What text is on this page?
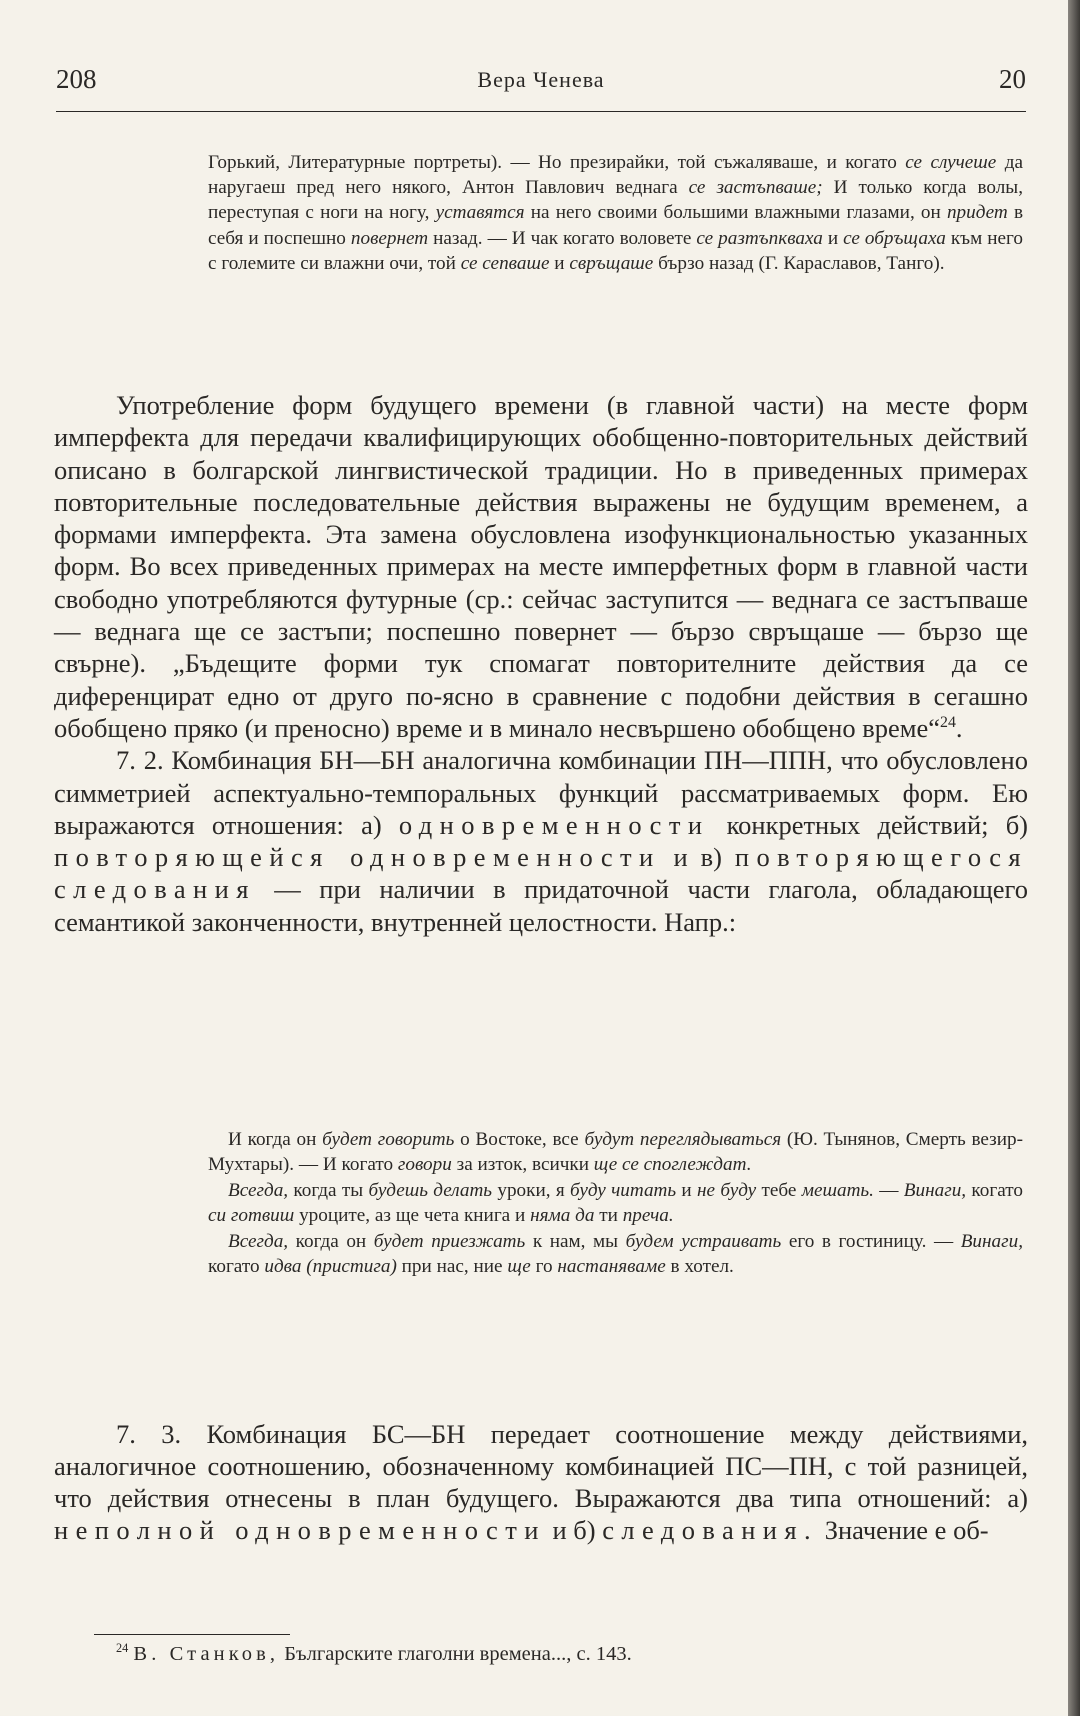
208	Вера Ченева	20

Горький, Литературные портреты). — Но презирайки, той съжаляваше, и когато се случеше да наругаеш пред него някого, Антон Павлович веднага се застъпваше; И только когда волы, переступая с ноги на ногу, уставятся на него своими большими влажными глазами, он придет в себя и поспешно повернет назад. — И чак когато воловете се разтъпкваха и се обръщаха към него с големите си влажни очи, той се сепваше и свръщаше бързо назад (Г. Караславов, Танго).

Употребление форм будущего времени (в главной части) на месте форм имперфекта для передачи квалифицирующих обобщенно-повторительных действий описано в болгарской лингвистической традиции. Но в приведенных примерах повторительные последовательные действия выражены не будущим временем, а формами имперфекта. Эта замена обусловлена изофункциональностью указанных форм. Во всех приведенных примерах на месте имперфетных форм в главной части свободно употребляются футурные (ср.: сейчас заступится — веднага се застъпваше — веднага ще се застъпи; поспешно повернет — бързо свръщаше — бързо ще свърне). „Бъдещите форми тук спомагат повторителните действия да се диференцират едно от друго по-ясно в сравнение с подобни действия в сегашно обобщено пряко (и преносно) време и в минало несвършено обобщено време“$^{24}$.

7. 2. Комбинация БН—БН аналогична комбинации ПН—ППН, что обусловлено симметрией аспектуально-темпоральных функций рассматриваемых форм. Ею выражаются отношения: а) одновременности конкретных действий; б) повторяющейся одновременности и в) повторяющегося следования — при наличии в придаточной части глагола, обладающего семантикой законченности, внутренней целостности. Напр.:

И когда он будет говорить о Востоке, все будут переглядываться (Ю. Тынянов, Смерть везир-Мухтары). — И когато говори за изток, всички ще се споглеждат.

Всегда, когда ты будешь делать уроки, я буду читать и не буду тебе мешать. — Винаги, когато си готвиш уроците, аз ще чета книга и няма да ти преча.

Всегда, когда он будет приезжать к нам, мы будем устраивать его в гостиницу. — Винаги, когато идва (пристига) при нас, ние ще го настаняваме в хотел.

7. 3. Комбинация БС—БН передает соотношение между действиями, аналогичное соотношению, обозначенному комбинацией ПС—ПН, с той разницей, что действия отнесены в план будущего. Выражаются два типа отношений: а) неполной одновременности и б) следования. Значение е об-

$^{24}$ В. Станков, Българските глаголни времена..., с. 143.
